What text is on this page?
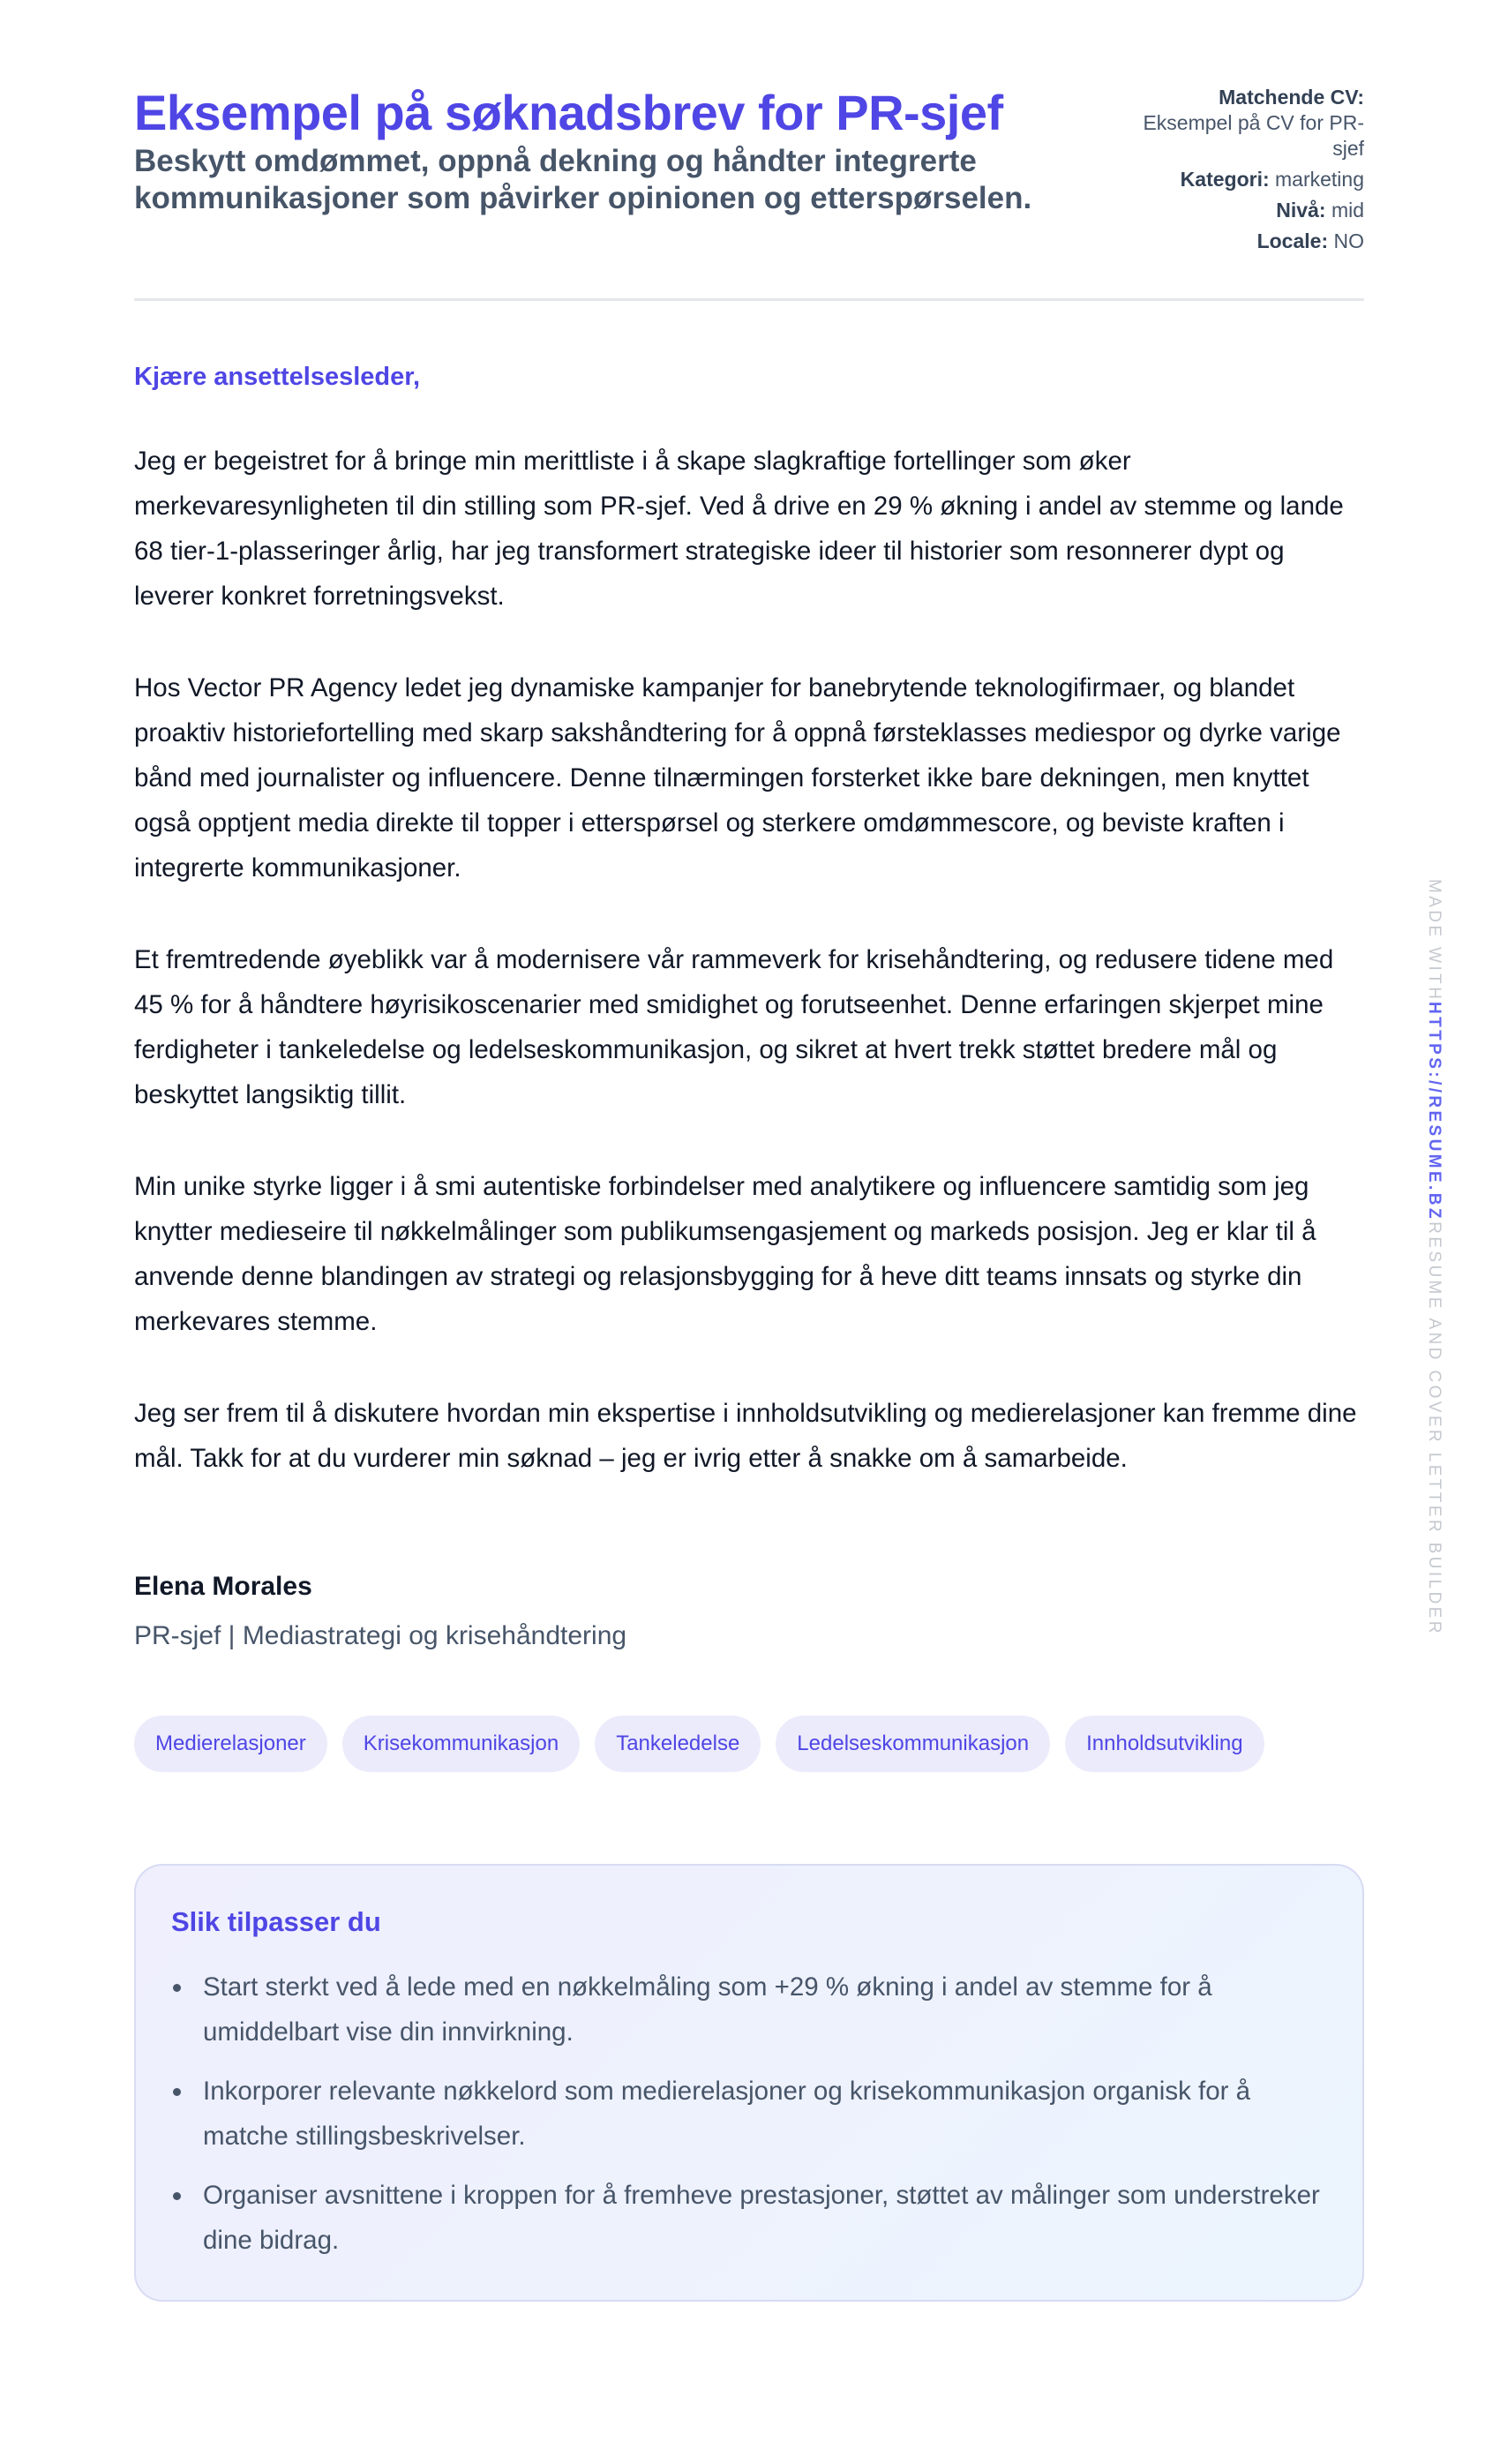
Eksempel på søknadsbrev for PR-sjef
Beskytt omdømmet, oppnå dekning og håndter integrerte kommunikasjoner som påvirker opinionen og etterspørselen.
Matchende CV:
Eksempel på CV for PR-sjef
Kategori: marketing
Nivå: mid
Locale: NO

Kjære ansettelsesleder,

Jeg er begeistret for å bringe min merittliste i å skape slagkraftige fortellinger som øker merkevaresynligheten til din stilling som PR-sjef. Ved å drive en 29 % økning i andel av stemme og lande 68 tier-1-plasseringer årlig, har jeg transformert strategiske ideer til historier som resonnerer dypt og leverer konkret forretningsvekst.

Hos Vector PR Agency ledet jeg dynamiske kampanjer for banebrytende teknologifirmaer, og blandet proaktiv historiefortelling med skarp sakshåndtering for å oppnå førsteklasses mediespor og dyrke varige bånd med journalister og influencere. Denne tilnærmingen forsterket ikke bare dekningen, men knyttet også opptjent media direkte til topper i etterspørsel og sterkere omdømmescore, og beviste kraften i integrerte kommunikasjoner.

Et fremtredende øyeblikk var å modernisere vår rammeverk for krisehåndtering, og redusere tidene med 45 % for å håndtere høyrisikoscenarier med smidighet og forutseenhet. Denne erfaringen skjerpet mine ferdigheter i tankeledelse og ledelseskommunikasjon, og sikret at hvert trekk støttet bredere mål og beskyttet langsiktig tillit.

Min unike styrke ligger i å smi autentiske forbindelser med analytikere og influencere samtidig som jeg knytter medieseire til nøkkelmålinger som publikumsengasjement og markeds posisjon. Jeg er klar til å anvende denne blandingen av strategi og relasjonsbygging for å heve ditt teams innsats og styrke din merkevares stemme.

Jeg ser frem til å diskutere hvordan min ekspertise i innholdsutvikling og medierelasjoner kan fremme dine mål. Takk for at du vurderer min søknad – jeg er ivrig etter å snakke om å samarbeide.

Elena Morales
PR-sjef | Mediastrategi og krisehåndtering
Medierelasjoner	Krisekommunikasjon	Tankeledelse	Ledelseskommunikasjon	Innholdsutvikling
Slik tilpasser du
Start sterkt ved å lede med en nøkkelmåling som +29 % økning i andel av stemme for å umiddelbart vise din innvirkning.
Inkorporer relevante nøkkelord som medierelasjoner og krisekommunikasjon organisk for å matche stillingsbeskrivelser.
Organiser avsnittene i kroppen for å fremheve prestasjoner, støttet av målinger som understreker dine bidrag.
MADE WITHHTTPS://RESUME.BZRESUME AND COVER LETTER BUILDER
